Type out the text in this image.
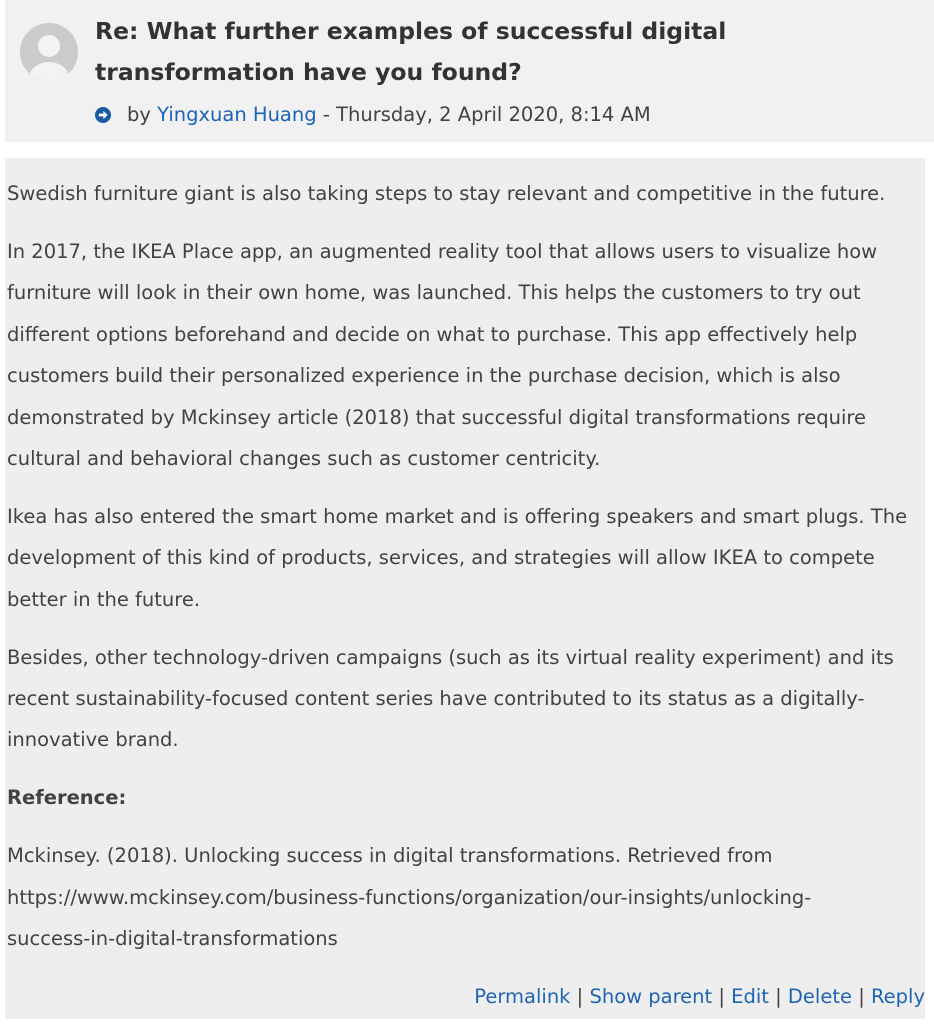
Re: What further examples of successful digital
transformation have you found?
by Yingxuan Huang - Thursday, 2 April 2020, 8:14 AM
Swedish furniture giant is also taking steps to stay relevant and competitive in the future.
In 2017, the IKEA Place app, an augmented reality tool that allows users to visualize how
furniture will look in their own home, was launched. This helps the customers to try out
different options beforehand and decide on what to purchase. This app effectively help
customers build their personalized experience in the purchase decision, which is also
demonstrated by Mckinsey article (2018) that successful digital transformations require
cultural and behavioral changes such as customer centricity.
Ikea has also entered the smart home market and is offering speakers and smart plugs. The
development of this kind of products, services, and strategies will allow IKEA to compete
better in the future.
Besides, other technology-driven campaigns (such as its virtual reality experiment) and its
recent sustainability-focused content series have contributed to its status as a digitally-
innovative brand.
Reference:
Mckinsey. (2018). Unlocking success in digital transformations. Retrieved from
https://www.mckinsey.com/business-functions/organization/our-insights/unlocking-
success-in-digital-transformations
Permalink | Show parent | Edit | Delete | Reply
